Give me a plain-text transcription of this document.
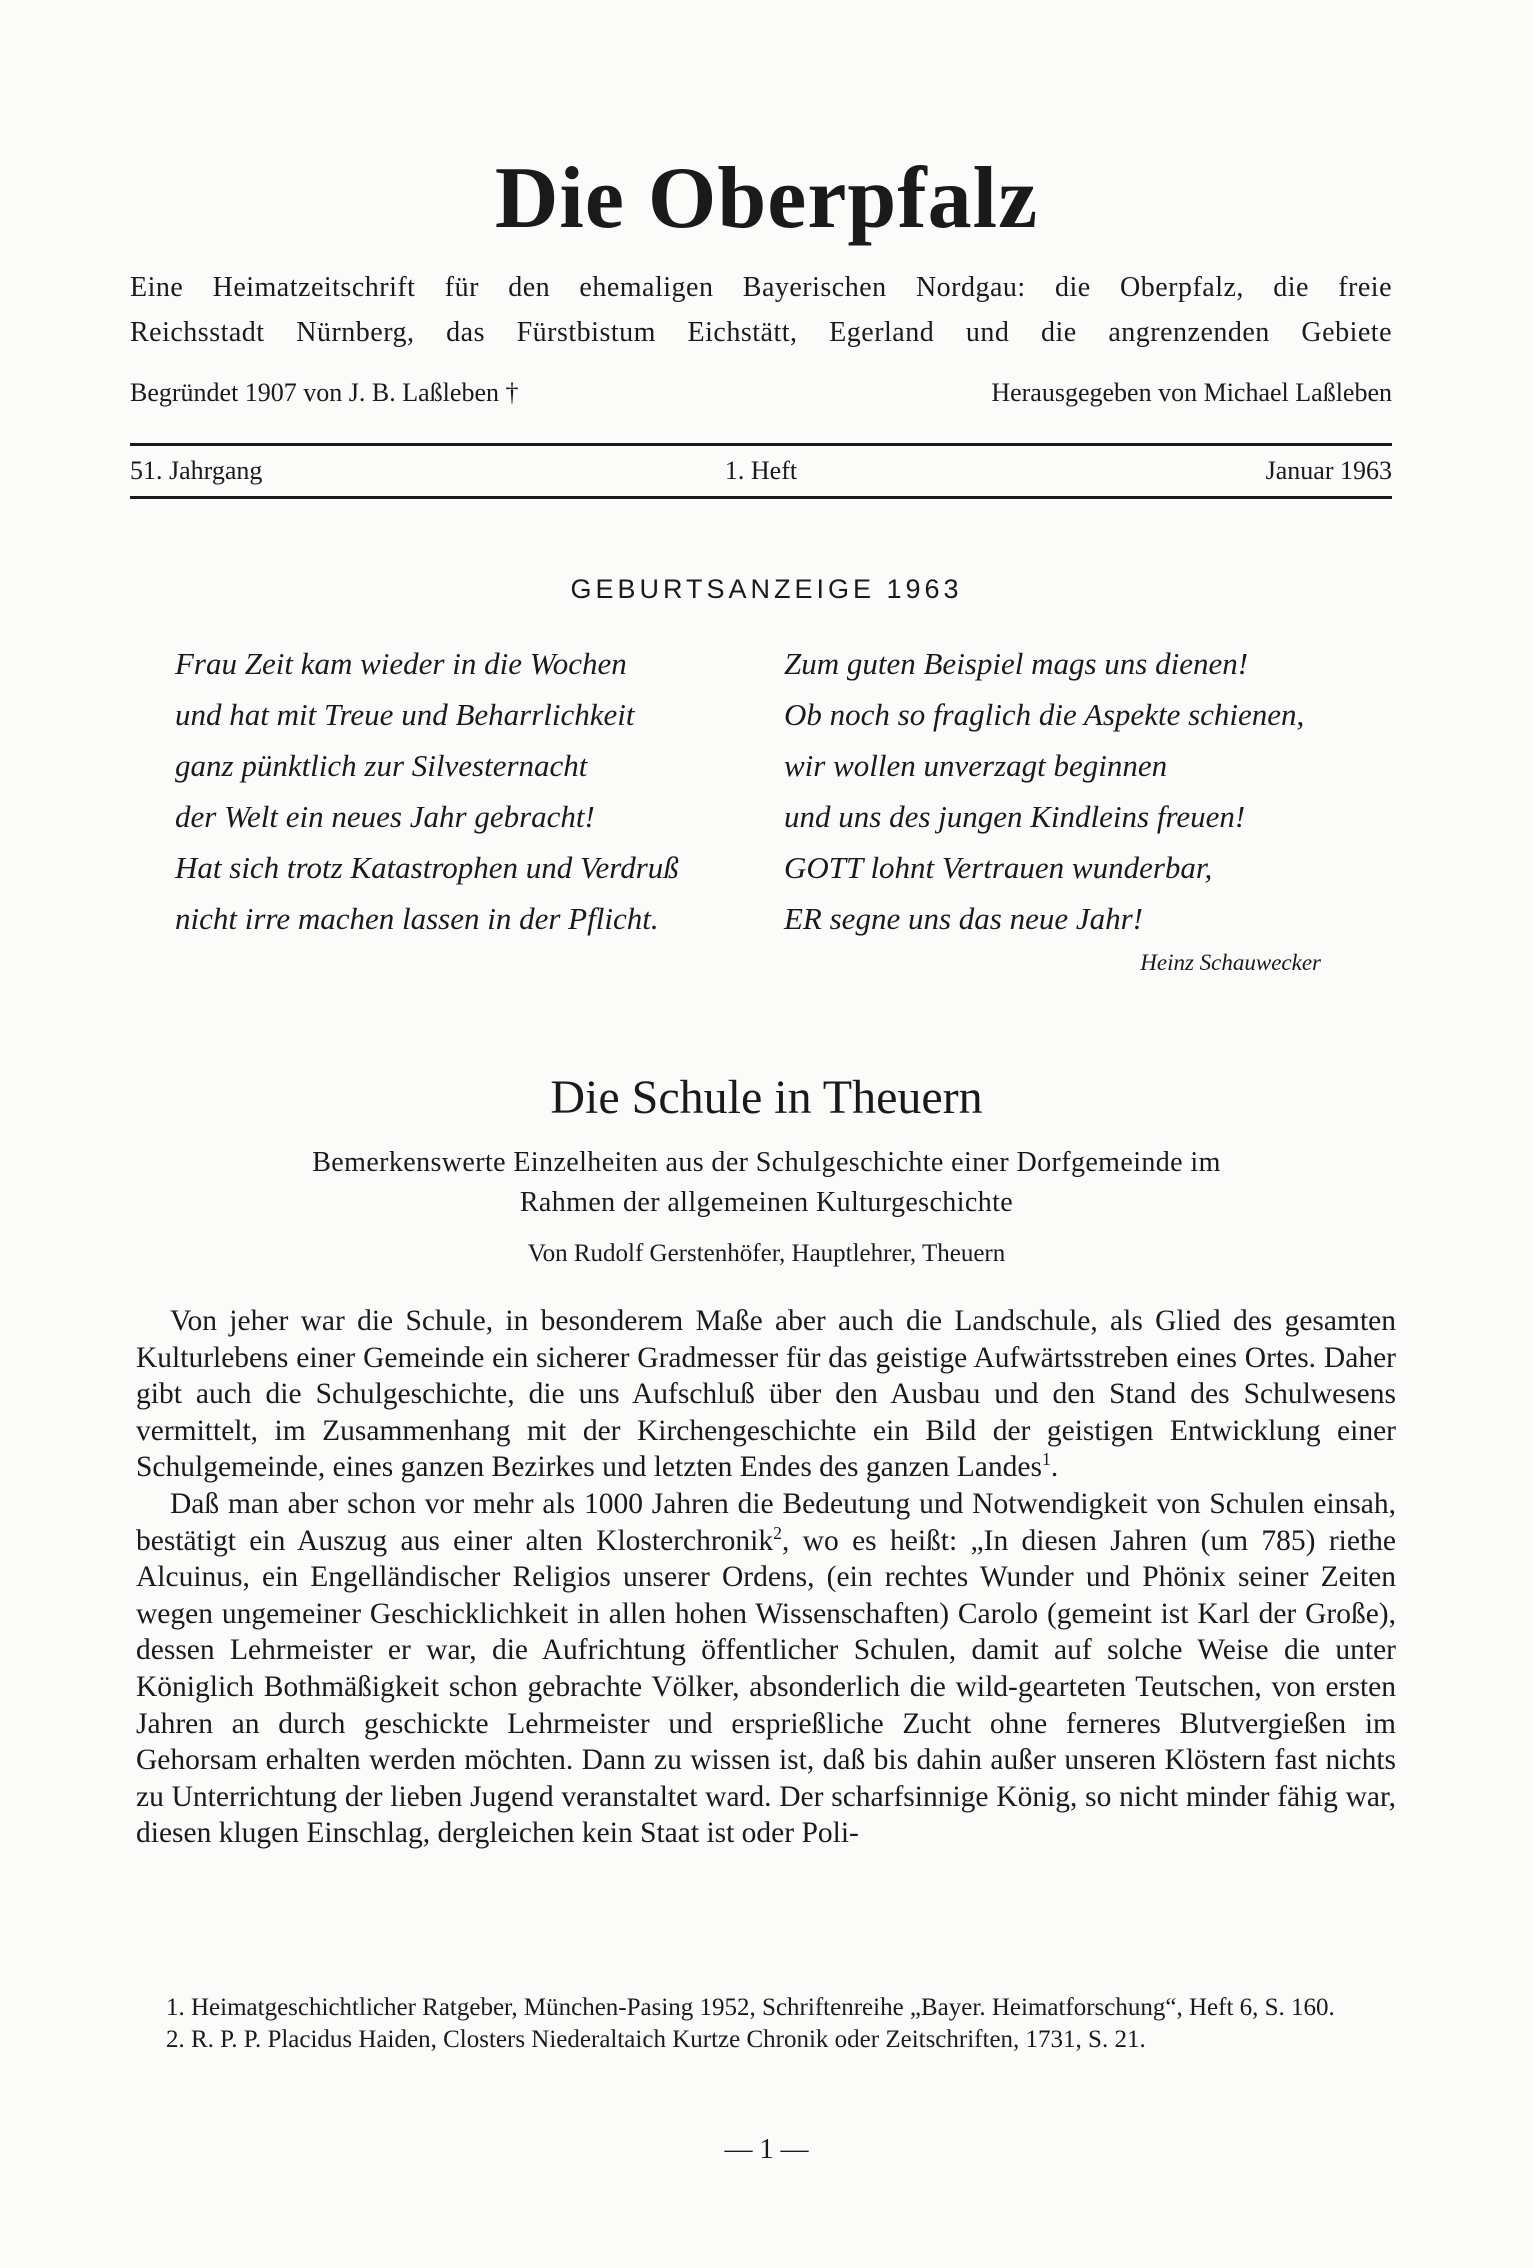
Die Oberpfalz
Eine Heimatzeitschrift für den ehemaligen Bayerischen Nordgau: die Oberpfalz, die freie
Reichsstadt Nürnberg, das Fürstbistum Eichstätt, Egerland und die angrenzenden Gebiete
Begründet 1907 von J. B. Laßleben †	Herausgegeben von Michael Laßleben
51. Jahrgang	1. Heft	Januar 1963
GEBURTSANZEIGE 1963
Frau Zeit kam wieder in die Wochen
und hat mit Treue und Beharrlichkeit
ganz pünktlich zur Silvesternacht
der Welt ein neues Jahr gebracht!
Hat sich trotz Katastrophen und Verdruß
nicht irre machen lassen in der Pflicht.
Zum guten Beispiel mags uns dienen!
Ob noch so fraglich die Aspekte schienen,
wir wollen unverzagt beginnen
und uns des jungen Kindleins freuen!
GOTT lohnt Vertrauen wunderbar,
ER segne uns das neue Jahr!
Heinz Schauwecker
Die Schule in Theuern
Bemerkenswerte Einzelheiten aus der Schulgeschichte einer Dorfgemeinde im
Rahmen der allgemeinen Kulturgeschichte
Von Rudolf Gerstenhöfer, Hauptlehrer, Theuern

Von jeher war die Schule, in besonderem Maße aber auch die Landschule, als Glied des gesamten Kulturlebens einer Gemeinde ein sicherer Gradmesser für das geistige Aufwärtsstreben eines Ortes. Daher gibt auch die Schulgeschichte, die uns Aufschluß über den Ausbau und den Stand des Schulwesens vermittelt, im Zusammenhang mit der Kirchengeschichte ein Bild der geistigen Entwicklung einer Schulgemeinde, eines ganzen Bezirkes und letzten Endes des ganzen Landes$^1$.

Daß man aber schon vor mehr als 1000 Jahren die Bedeutung und Notwendigkeit von Schulen einsah, bestätigt ein Auszug aus einer alten Klosterchronik$^2$, wo es heißt: „In diesen Jahren (um 785) riethe Alcuinus, ein Engelländischer Religios unserer Ordens, (ein rechtes Wunder und Phönix seiner Zeiten wegen ungemeiner Geschicklichkeit in allen hohen Wissenschaften) Carolo (gemeint ist Karl der Große), dessen Lehrmeister er war, die Aufrichtung öffentlicher Schulen, damit auf solche Weise die unter Königlich Bothmäßigkeit schon gebrachte Völker, absonderlich die wild-gearteten Teutschen, von ersten Jahren an durch geschickte Lehrmeister und ersprießliche Zucht ohne ferneres Blutvergießen im Gehorsam erhalten werden möchten. Dann zu wissen ist, daß bis dahin außer unseren Klöstern fast nichts zu Unterrichtung der lieben Jugend veranstaltet ward. Der scharfsinnige König, so nicht minder fähig war, diesen klugen Einschlag, dergleichen kein Staat ist oder Poli-

1. Heimatgeschichtlicher Ratgeber, München-Pasing 1952, Schriftenreihe „Bayer. Heimatforschung“, Heft 6, S. 160.

2. R. P. P. Placidus Haiden, Closters Niederaltaich Kurtze Chronik oder Zeitschriften, 1731, S. 21.

— 1 —
